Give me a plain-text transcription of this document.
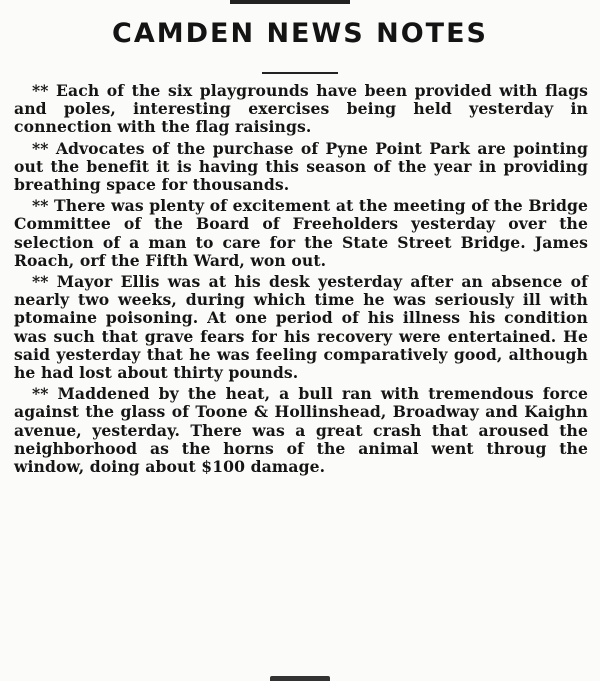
CAMDEN NEWS NOTES

** Each of the six playgrounds have been provided with flags and poles, interesting exercises being held yesterday in connection with the flag raisings.

** Advocates of the purchase of Pyne Point Park are pointing out the benefit it is having this season of the year in providing breathing space for thousands.

** There was plenty of excitement at the meeting of the Bridge Committee of the Board of Freeholders yesterday over the selection of a man to care for the State Street Bridge. James Roach, orf the Fifth Ward, won out.

** Mayor Ellis was at his desk yesterday after an absence of nearly two weeks, during which time he was seriously ill with ptomaine poisoning. At one period of his illness his condition was such that grave fears for his recovery were entertained. He said yesterday that he was feeling comparatively good, although he had lost about thirty pounds.

** Maddened by the heat, a bull ran with tremendous force against the glass of Toone & Hollinshead, Broadway and Kaighn avenue, yesterday. There was a great crash that aroused the neighborhood as the horns of the animal went throug the window, doing about $100 damage.
